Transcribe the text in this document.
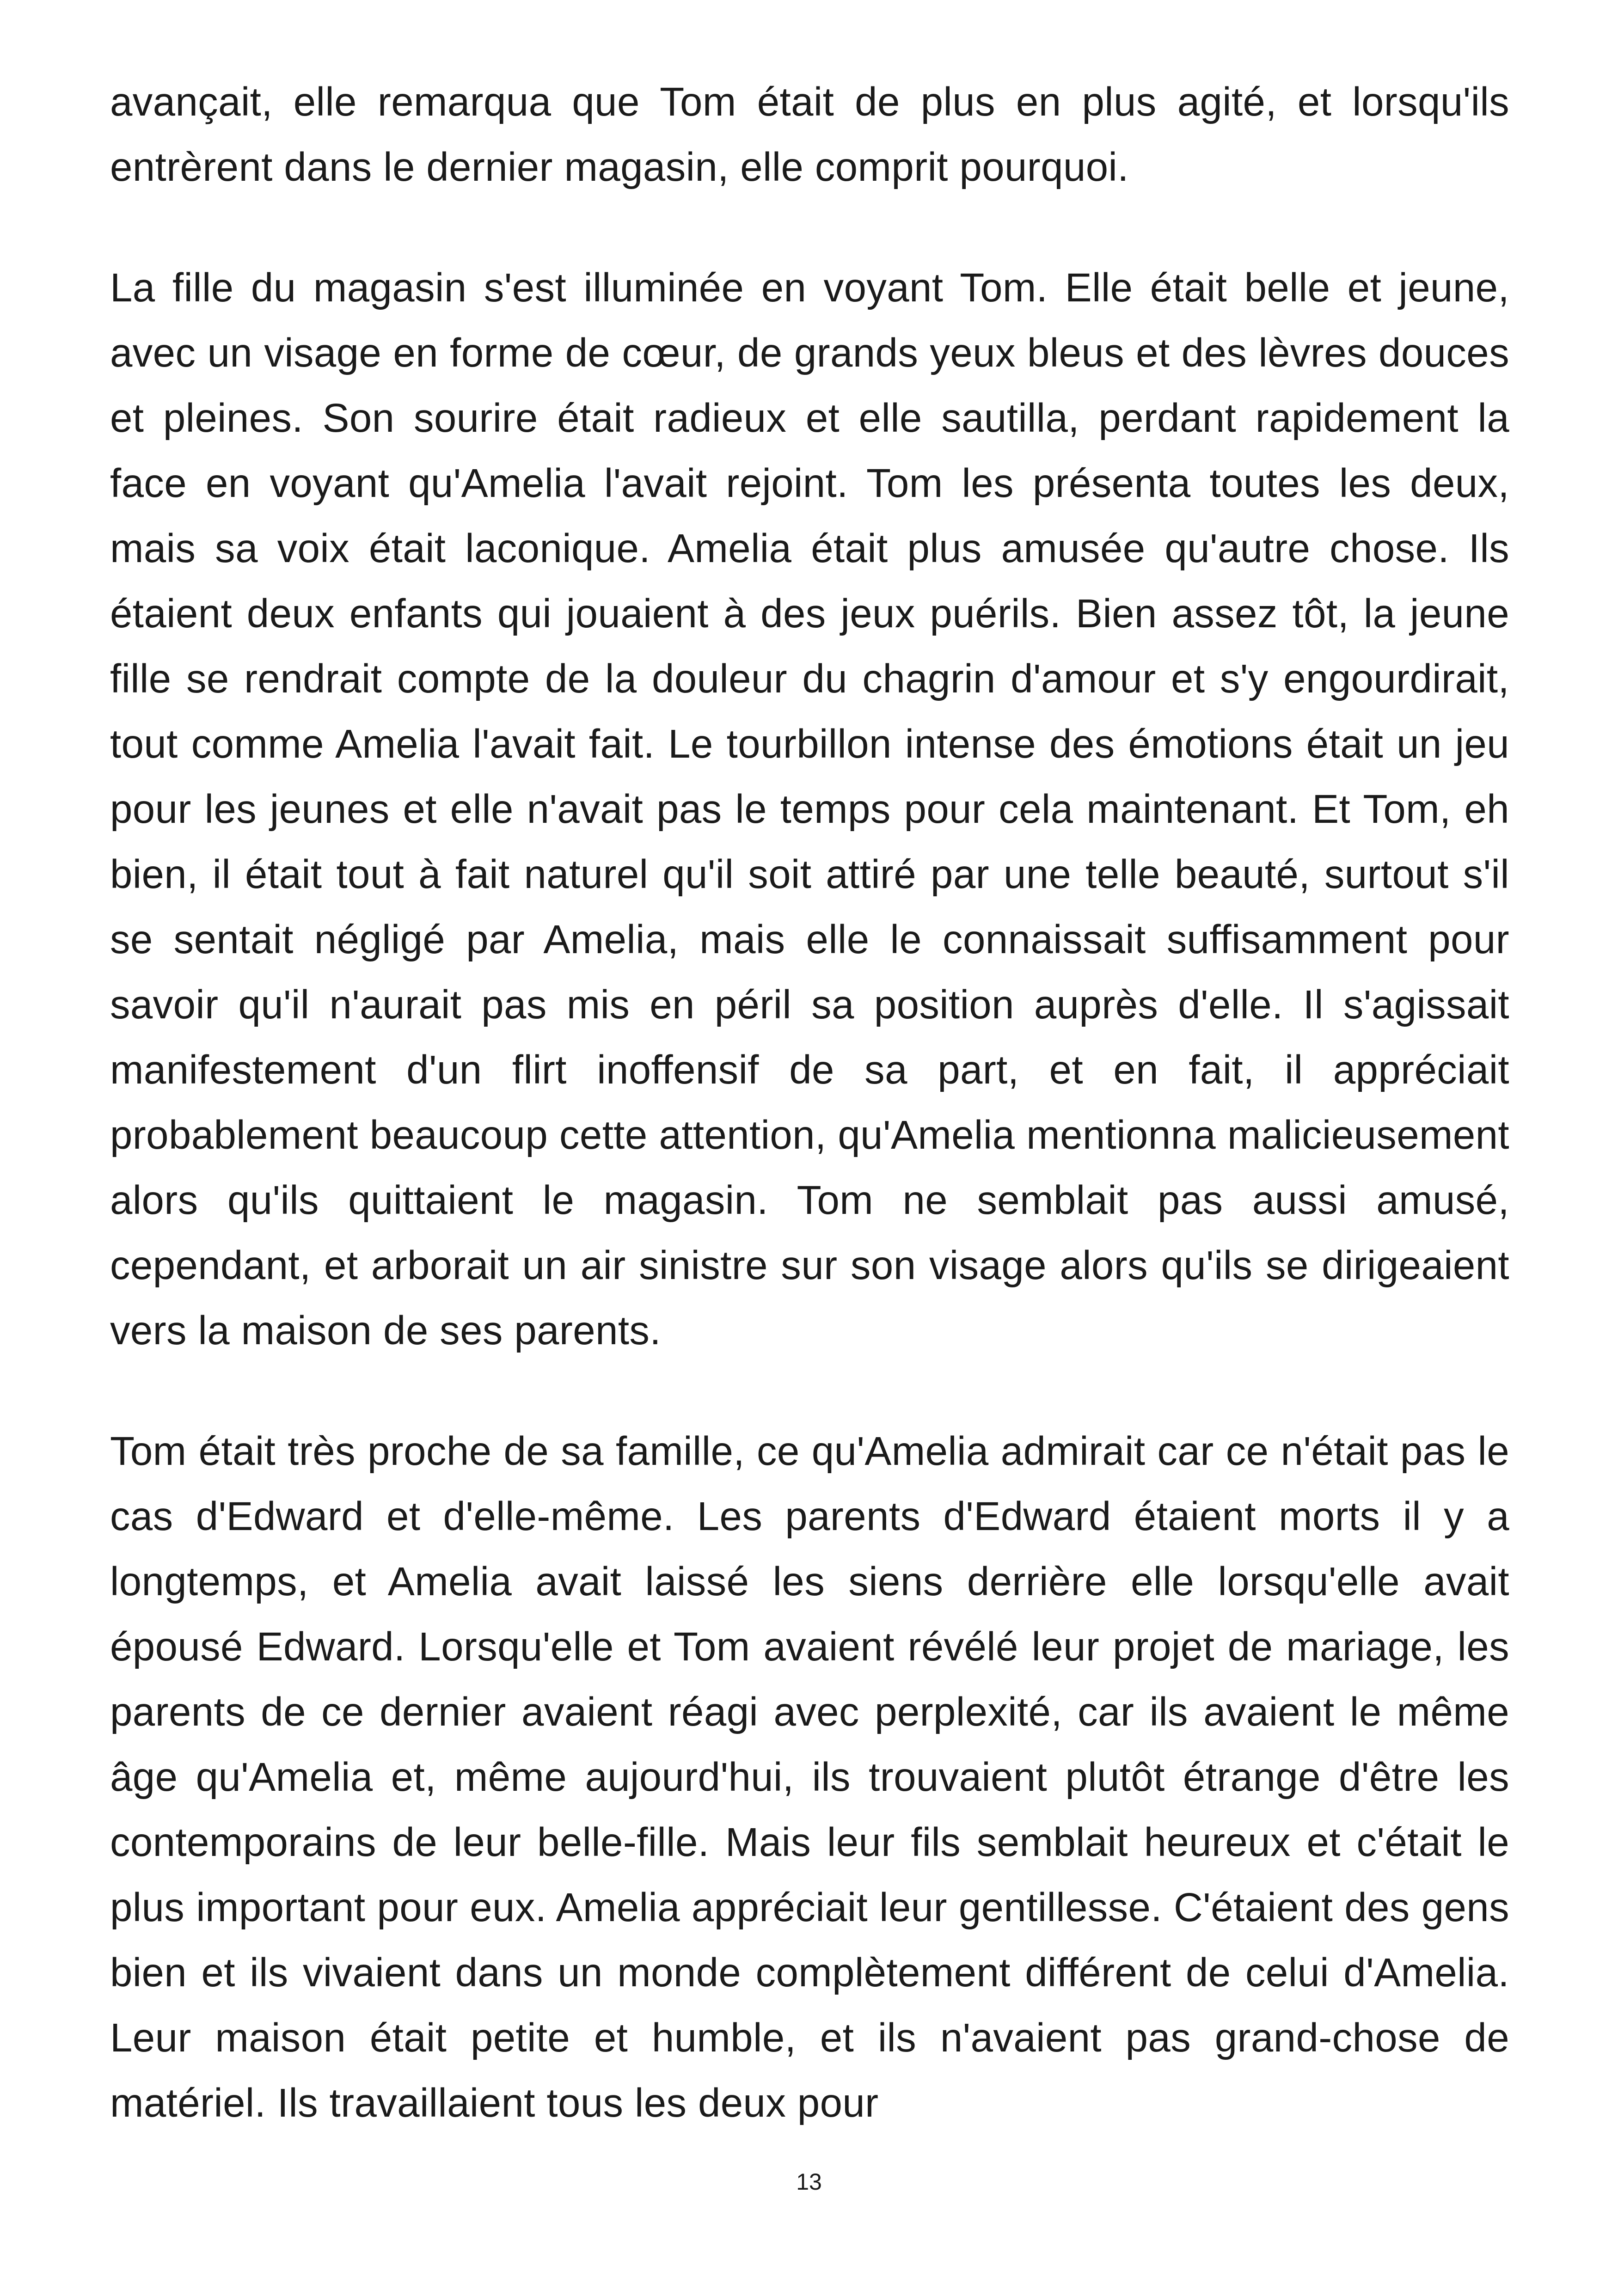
avançait, elle remarqua que Tom était de plus en plus agité, et lorsqu'ils entrèrent dans le dernier magasin, elle comprit pourquoi.

La fille du magasin s'est illuminée en voyant Tom. Elle était belle et jeune, avec un visage en forme de cœur, de grands yeux bleus et des lèvres douces et pleines. Son sourire était radieux et elle sautilla, perdant rapidement la face en voyant qu'Amelia l'avait rejoint. Tom les présenta toutes les deux, mais sa voix était laconique. Amelia était plus amusée qu'autre chose. Ils étaient deux enfants qui jouaient à des jeux puérils. Bien assez tôt, la jeune fille se rendrait compte de la douleur du chagrin d'amour et s'y engourdirait, tout comme Amelia l'avait fait. Le tourbillon intense des émotions était un jeu pour les jeunes et elle n'avait pas le temps pour cela maintenant. Et Tom, eh bien, il était tout à fait naturel qu'il soit attiré par une telle beauté, surtout s'il se sentait négligé par Amelia, mais elle le connaissait suffisamment pour savoir qu'il n'aurait pas mis en péril sa position auprès d'elle. Il s'agissait manifestement d'un flirt inoffensif de sa part, et en fait, il appréciait probablement beaucoup cette attention, qu'Amelia mentionna malicieusement alors qu'ils quittaient le magasin. Tom ne semblait pas aussi amusé, cependant, et arborait un air sinistre sur son visage alors qu'ils se dirigeaient vers la maison de ses parents.

Tom était très proche de sa famille, ce qu'Amelia admirait car ce n'était pas le cas d'Edward et d'elle-même. Les parents d'Edward étaient morts il y a longtemps, et Amelia avait laissé les siens derrière elle lorsqu'elle avait épousé Edward. Lorsqu'elle et Tom avaient révélé leur projet de mariage, les parents de ce dernier avaient réagi avec perplexité, car ils avaient le même âge qu'Amelia et, même aujourd'hui, ils trouvaient plutôt étrange d'être les contemporains de leur belle-fille. Mais leur fils semblait heureux et c'était le plus important pour eux. Amelia appréciait leur gentillesse. C'étaient des gens bien et ils vivaient dans un monde complètement différent de celui d'Amelia. Leur maison était petite et humble, et ils n'avaient pas grand-chose de matériel. Ils travaillaient tous les deux pour

13
